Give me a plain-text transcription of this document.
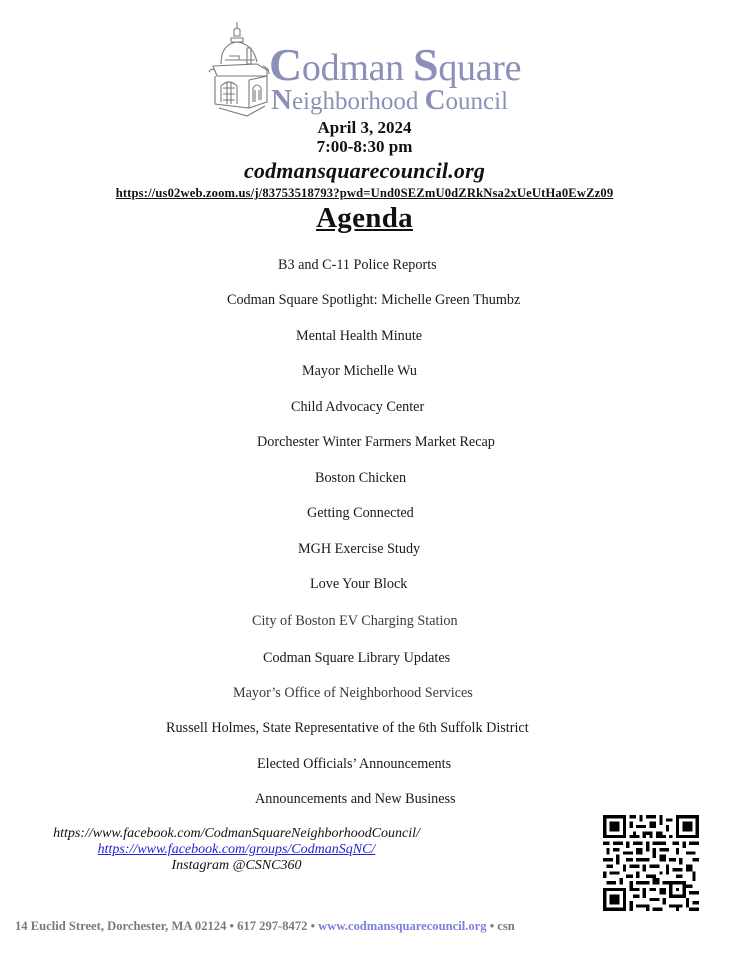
Codman Square
Neighborhood Council
April 3, 2024
7:00-8:30 pm
codmansquarecouncil.org
https://us02web.zoom.us/j/83753518793?pwd=Und0SEZmU0dZRkNsa2xUeUtHa0EwZz09
Agenda
B3 and C-11 Police Reports
Codman Square Spotlight: Michelle Green Thumbz
Mental Health Minute
Mayor Michelle Wu
Child Advocacy Center
Dorchester Winter Farmers Market Recap
Boston Chicken
Getting Connected
MGH Exercise Study
Love Your Block
City of Boston EV Charging Station
Codman Square Library Updates
Mayor’s Office of Neighborhood Services
Russell Holmes, State Representative of the 6th Suffolk District
Elected Officials’ Announcements
Announcements and New Business
https://www.facebook.com/CodmanSquareNeighborhoodCouncil/
https://www.facebook.com/groups/CodmanSqNC/
Instagram @CSNC360
14 Euclid Street, Dorchester, MA 02124 • 617 297-8472 • www.codmansquarecouncil.org • csn
